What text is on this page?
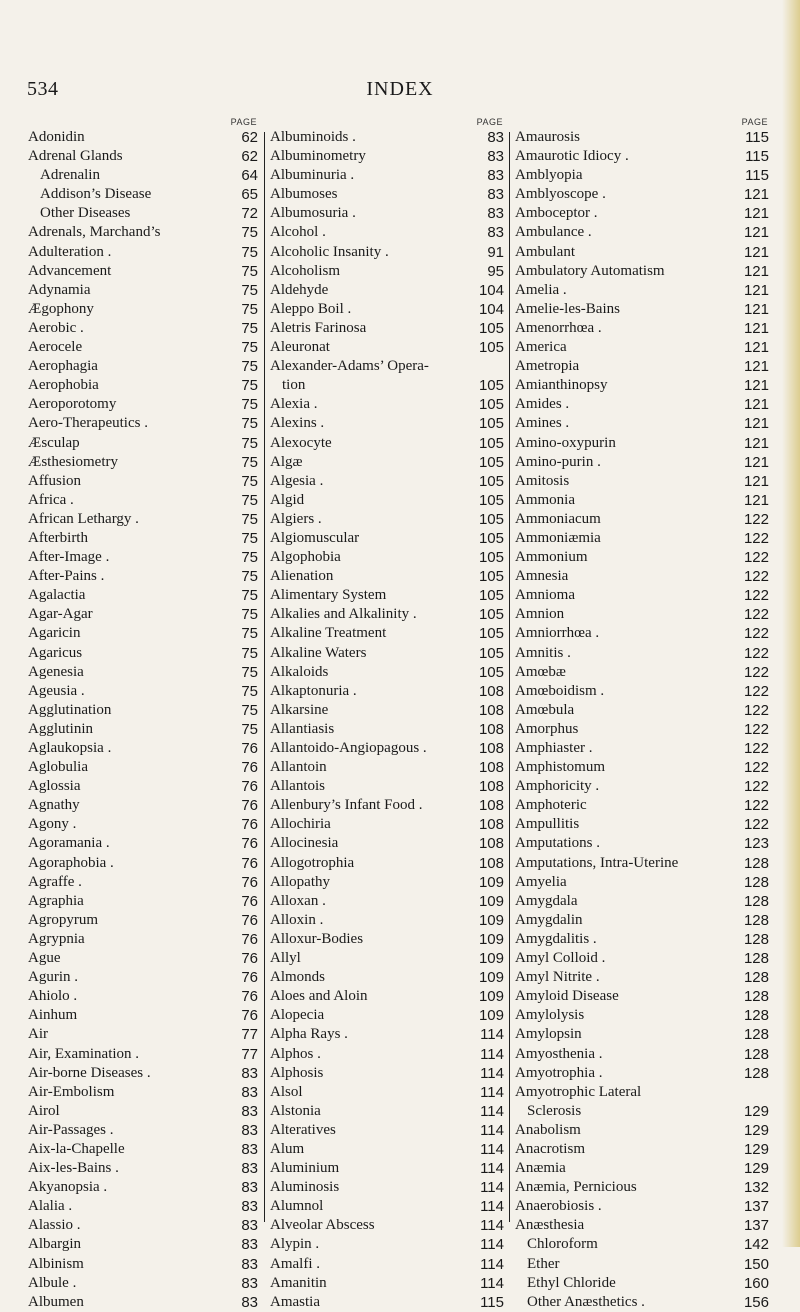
534	INDEX
PAGE
Adonidin	62
Adrenal Glands	62
Adrenalin	64
Addison’s Disease	65
Other Diseases	72
Adrenals, Marchand’s	75
Adulteration .	75
Advancement	75
Adynamia	75
Ægophony	75
Aerobic .	75
Aerocele	75
Aerophagia	75
Aerophobia	75
Aeroporotomy	75
Aero-Therapeutics .	75
Æsculap	75
Æsthesiometry	75
Affusion	75
Africa .	75
African Lethargy .	75
Afterbirth	75
After-Image .	75
After-Pains .	75
Agalactia	75
Agar-Agar	75
Agaricin	75
Agaricus	75
Agenesia	75
Ageusia .	75
Agglutination	75
Agglutinin	75
Aglaukopsia .	76
Aglobulia	76
Aglossia	76
Agnathy	76
Agony .	76
Agoramania .	76
Agoraphobia .	76
Agraffe .	76
Agraphia	76
Agropyrum	76
Agrypnia	76
Ague	76
Agurin .	76
Ahiolo .	76
Ainhum	76
Air	77
Air, Examination .	77
Air-borne Diseases .	83
Air-Embolism	83
Airol	83
Air-Passages .	83
Aix-la-Chapelle	83
Aix-les-Bains .	83
Akyanopsia .	83
Alalia .	83
Alassio .	83
Albargin	83
Albinism	83
Albule .	83
Albumen	83
PAGE
Albuminoids .	83
Albuminometry	83
Albuminuria .	83
Albumoses	83
Albumosuria .	83
Alcohol .	83
Alcoholic Insanity .	91
Alcoholism	95
Aldehyde	104
Aleppo Boil .	104
Aletris Farinosa	105
Aleuronat	105
Alexander-Adams’ Opera-
tion	105
Alexia .	105
Alexins .	105
Alexocyte	105
Algæ	105
Algesia .	105
Algid	105
Algiers .	105
Algiomuscular	105
Algophobia	105
Alienation	105
Alimentary System	105
Alkalies and Alkalinity .	105
Alkaline Treatment	105
Alkaline Waters	105
Alkaloids	105
Alkaptonuria .	108
Alkarsine	108
Allantiasis	108
Allantoido-Angiopagous .	108
Allantoin	108
Allantois	108
Allenbury’s Infant Food .	108
Allochiria	108
Allocinesia	108
Allogotrophia	108
Allopathy	109
Alloxan .	109
Alloxin .	109
Alloxur-Bodies	109
Allyl	109
Almonds	109
Aloes and Aloin	109
Alopecia	109
Alpha Rays .	114
Alphos .	114
Alphosis	114
Alsol	114
Alstonia	114
Alteratives	114
Alum	114
Aluminium	114
Aluminosis	114
Alumnol	114
Alveolar Abscess	114
Alypin .	114
Amalfi .	114
Amanitin	114
Amastia	115
PAGE
Amaurosis	115
Amaurotic Idiocy .	115
Amblyopia	115
Amblyoscope .	121
Amboceptor .	121
Ambulance .	121
Ambulant	121
Ambulatory Automatism	121
Amelia .	121
Amelie-les-Bains	121
Amenorrhœa .	121
America	121
Ametropia	121
Amianthinopsy	121
Amides .	121
Amines .	121
Amino-oxypurin	121
Amino-purin .	121
Amitosis	121
Ammonia	121
Ammoniacum	122
Ammoniæmia	122
Ammonium	122
Amnesia	122
Amnioma	122
Amnion	122
Amniorrhœa .	122
Amnitis .	122
Amœbæ	122
Amœboidism .	122
Amœbula	122
Amorphus	122
Amphiaster .	122
Amphistomum	122
Amphoricity .	122
Amphoteric	122
Ampullitis	122
Amputations .	123
Amputations, Intra-Uterine	128
Amyelia	128
Amygdala	128
Amygdalin	128
Amygdalitis .	128
Amyl Colloid .	128
Amyl Nitrite .	128
Amyloid Disease	128
Amylolysis	128
Amylopsin	128
Amyosthenia .	128
Amyotrophia .	128
Amyotrophic Lateral
Sclerosis	129
Anabolism	129
Anacrotism	129
Anæmia	129
Anæmia, Pernicious	132
Anaerobiosis .	137
Anæsthesia	137
Chloroform	142
Ether	150
Ethyl Chloride	160
Other Anæsthetics .	156
